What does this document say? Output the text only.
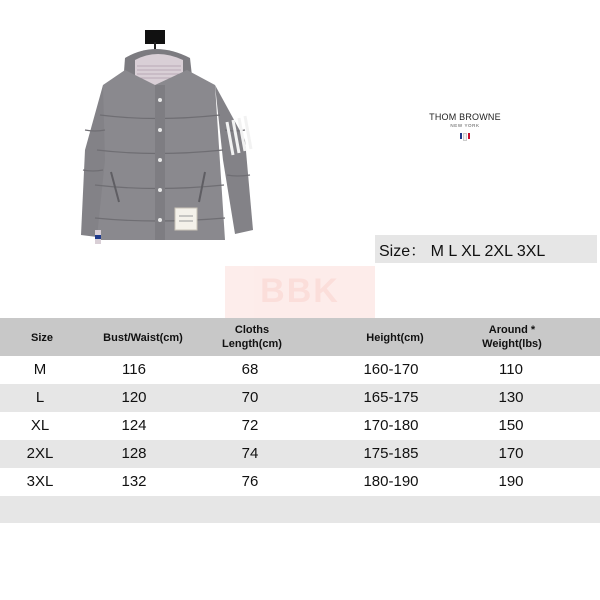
THOM BROWNE
NEW YORK
Size： M L XL 2XL 3XL
BBK
Size	Bust/Waist(cm)
Cloths
Length(cm)	Height(cm)
Around *
Weight(lbs)
M	116	68	160-170	110
L	120	70	165-175	130
XL	124	72	170-180	150
2XL	128	74	175-185	170
3XL	132	76	180-190	190
